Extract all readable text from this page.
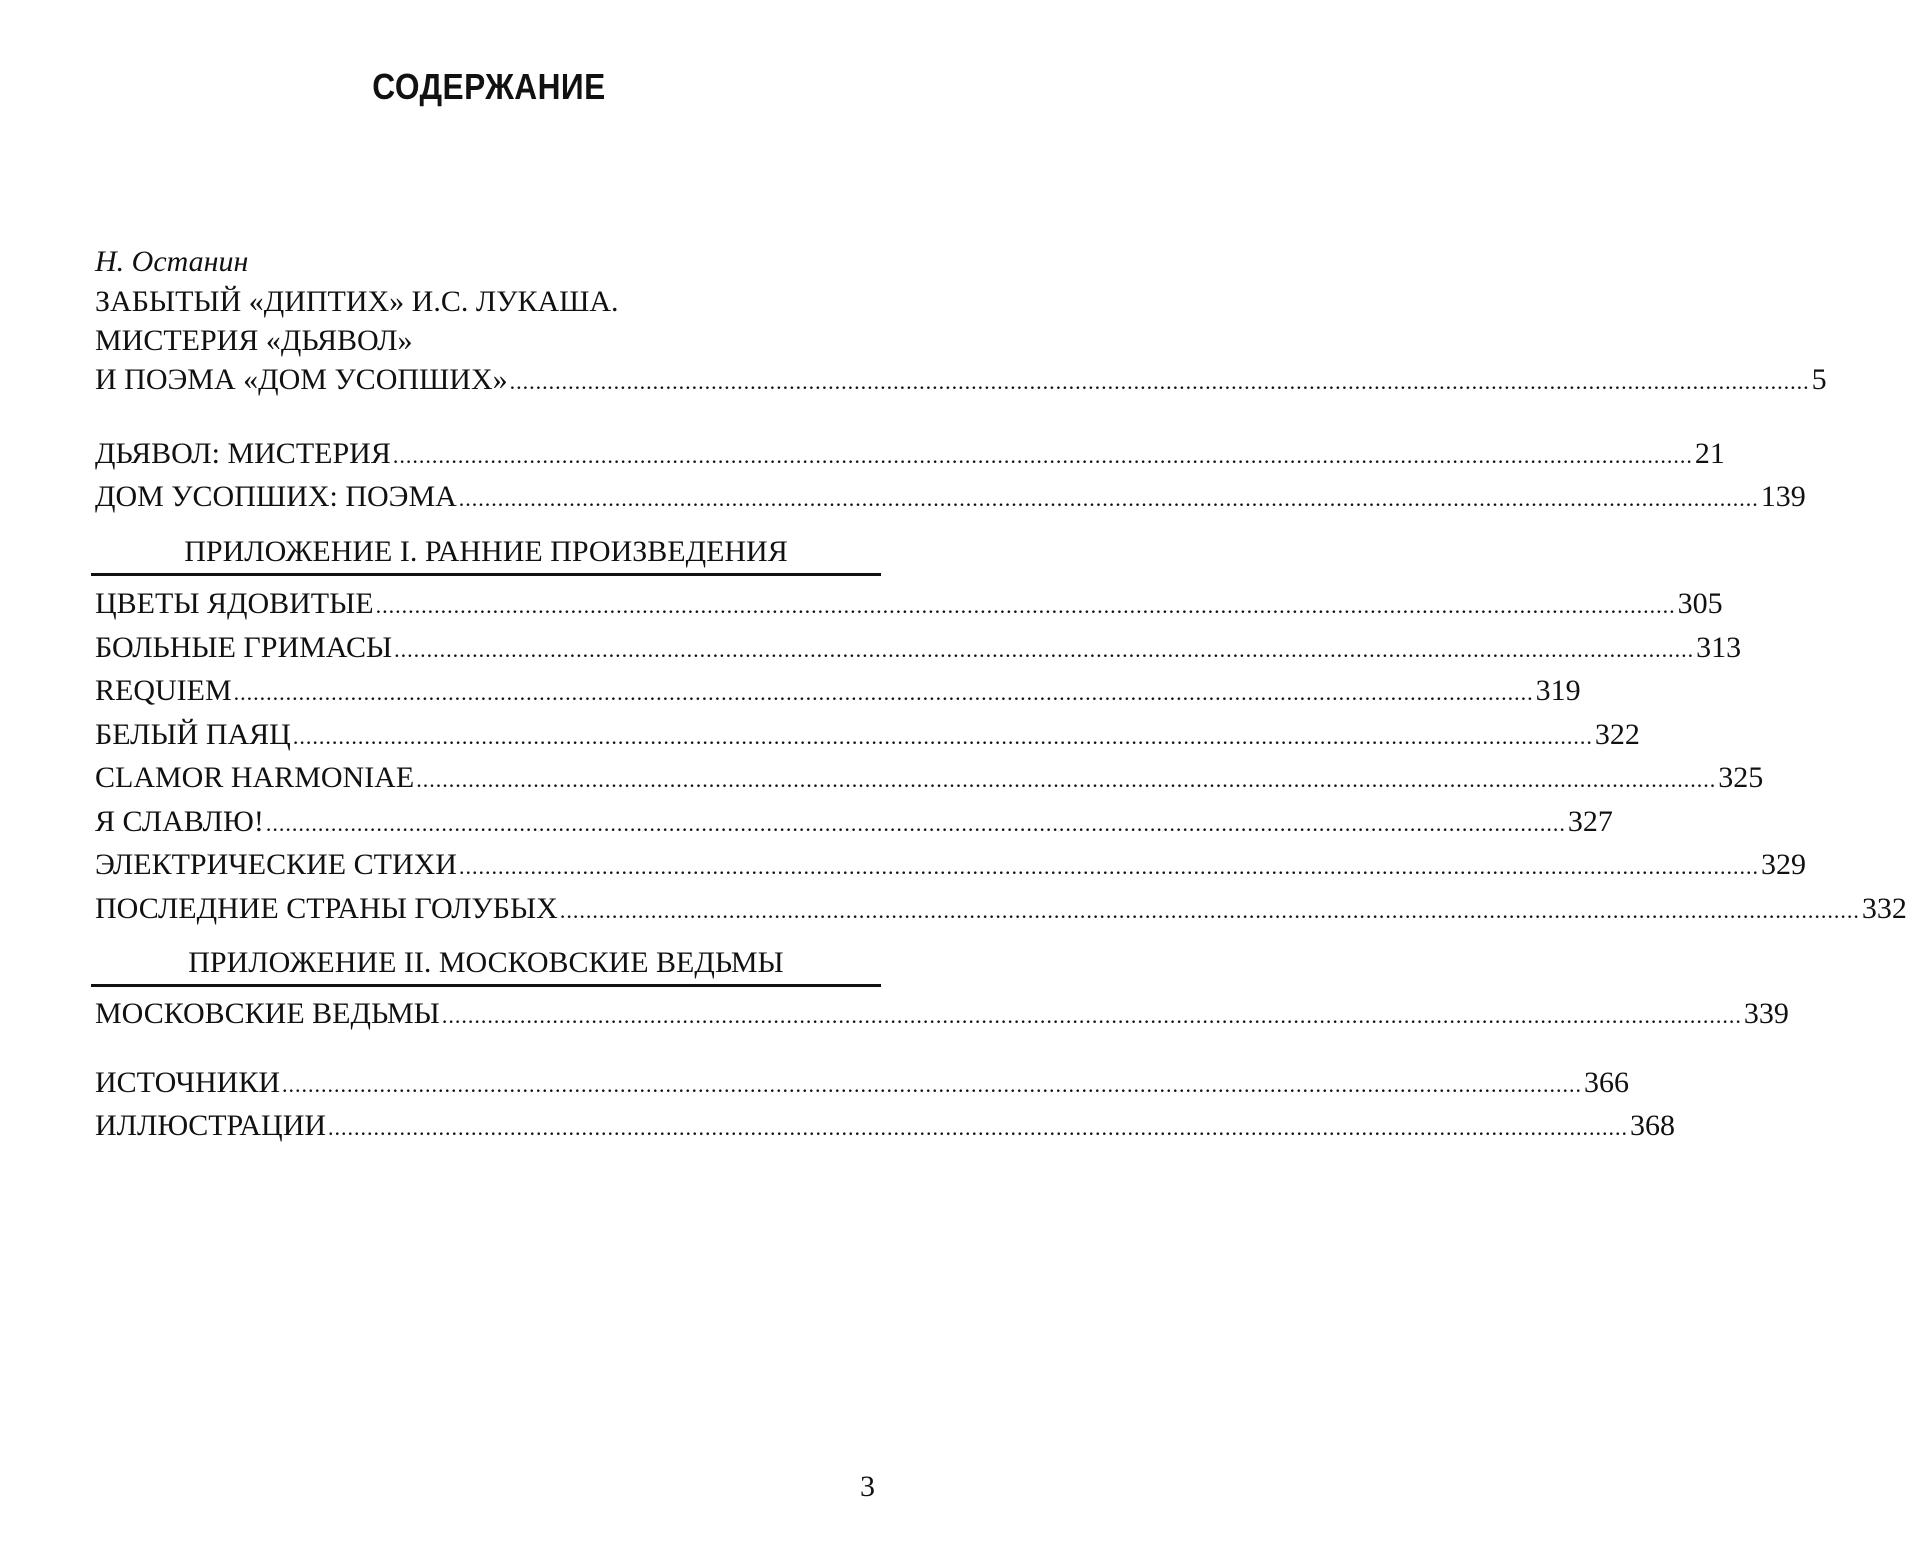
СОДЕРЖАНИЕ
Н. Останин
ЗАБЫТЫЙ «ДИПТИХ» И.С. ЛУКАША.
МИСТЕРИЯ «ДЬЯВОЛ»
И ПОЭМА «ДОМ УСОПШИХ» ........................................................................................................................................................................................................ 5
ДЬЯВОЛ: МИСТЕРИЯ ........................................................................................................................................................................................................ 21
ДОМ УСОПШИХ: ПОЭМА ........................................................................................................................................................................................................ 139
ПРИЛОЖЕНИЕ I. РАННИЕ ПРОИЗВЕДЕНИЯ
ЦВЕТЫ ЯДОВИТЫЕ ........................................................................................................................................................................................................ 305
БОЛЬНЫЕ ГРИМАСЫ ........................................................................................................................................................................................................ 313
REQUIEM ........................................................................................................................................................................................................ 319
БЕЛЫЙ ПАЯЦ ........................................................................................................................................................................................................ 322
CLAMOR HARMONIAE ........................................................................................................................................................................................................ 325
Я СЛАВЛЮ! ........................................................................................................................................................................................................ 327
ЭЛЕКТРИЧЕСКИЕ СТИХИ ........................................................................................................................................................................................................ 329
ПОСЛЕДНИЕ СТРАНЫ ГОЛУБЫХ ........................................................................................................................................................................................................ 332
ПРИЛОЖЕНИЕ II. МОСКОВСКИЕ ВЕДЬМЫ
МОСКОВСКИЕ ВЕДЬМЫ ........................................................................................................................................................................................................ 339
ИСТОЧНИКИ ........................................................................................................................................................................................................ 366
ИЛЛЮСТРАЦИИ ........................................................................................................................................................................................................ 368
3
